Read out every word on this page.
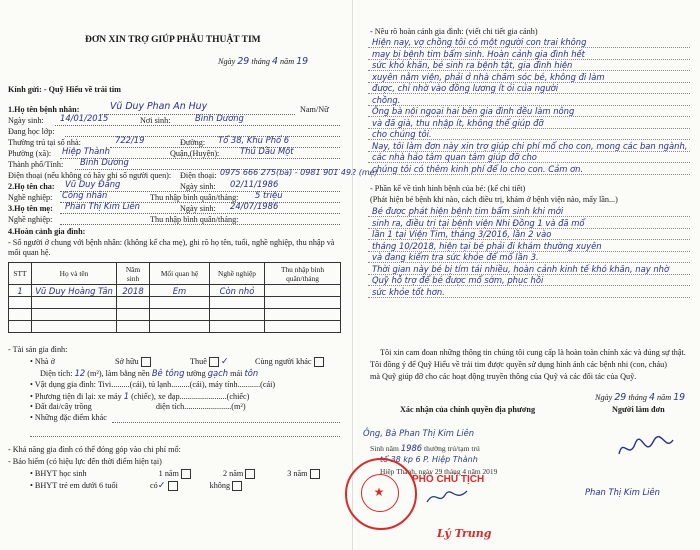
ĐƠN XIN TRỢ GIÚP PHẪU THUẬT TIM
Ngày 29 tháng 4 năm 19
Kính gửi: - Quỹ Hiểu về trái tim
1.Họ tên bệnh nhân:	Vũ Duy Phan An Huy	Nam/Nữ
Ngày sinh: 14/01/2015	Nơi sinh:	Bình Dương
Đang học lớp:
Thường trú tại số nhà:	722/19	Đường: Tổ 38, Khu Phố 6
Phường (xã): Hiệp Thành	Quận,(Huyện): Thủ Dầu Một
Thành phố/Tỉnh: Bình Dương
Điện thoại (nếu không có hãy ghi số người quen):
2.Họ tên cha: Vũ Duy Đăng
Điện thoại: 0975 666 275(ba) - 0981 901 492 (mẹ)
Ngày sinh: 02/11/1986
Nghề nghiệp: Công nhân	Thu nhập bình quân/tháng: 5 triệu
3.Họ tên mẹ: Phan Thị Kim Liên	Ngày sinh: 24/07/1986
Nghề nghiệp:	Thu nhập bình quân/tháng:
4.Hoàn cảnh gia đình:
- Số người ở chung với bệnh nhân: (không kể cha mẹ), ghi rõ họ tên, tuổi, nghề nghiệp, thu nhập và mối quan hệ.
STT	Họ và tên	Năm sinh	Mối quan hệ	Nghề nghiệp	Thu nhập bình quân/tháng
1	Vũ Duy Hoàng Tân	2018	Em	Còn nhỏ	

- Tài sản gia đình:
• Nhà ở	Sở hữu	Thuê ✓	Cùng người khác
Diện tích: 12 (m²), làm bằng nền Bê tông tường gạch mái tôn
• Vật dụng gia đình: Tivi.........(cái), tủ lạnh.........(cái), máy tính...........(cái)
• Phương tiện đi lại: xe máy 1 (chiếc), xe đạp.......................(chiếc)
• Đất đai/cây trồng	diện tích.......................(m²)
• Những đặc điểm khác
- Khả năng gia đình có thể đóng góp vào chi phí mổ:
- Bảo hiểm (có hiệu lực đến thời điểm hiện tại)
• BHYT học sinh	1 năm	2 năm	3 năm
• BHYT trẻ em dưới 6 tuổi	có✓	không
- Nêu rõ hoàn cảnh gia đình: (viết chi tiết gia cảnh)
Hiện nay, vợ chồng tôi có một người con trai không
may bị bệnh tim bẩm sinh. Hoàn cảnh gia đình hết
sức khó khăn, bé sinh ra bệnh tật, gia đình hiện
xuyên nằm viện, phải ở nhà chăm sóc bé, không đi làm
được, chỉ nhờ vào đồng lương ít ỏi của người
chồng.
Ông bà nội ngoại hai bên gia đình đều làm nông
và đã già, thu nhập ít, không thể giúp đỡ
cho chúng tôi.
Nay, tôi làm đơn này xin trợ giúp chi phí mổ cho con, mong các ban ngành,
các nhà hảo tâm quan tâm giúp đỡ cho
chúng tôi có thêm kinh phí để lo cho con. Cảm ơn.
- Phần kể về tình hình bệnh của bé: (kể chi tiết)
(Phát hiện bé bệnh khi nào, cách điều trị, khám ở bệnh viện nào, mấy lần...)
Bé được phát hiện bệnh tim bẩm sinh khi mới
sinh ra, điều trị tại bệnh viện Nhi Đồng 1 và đã mổ
lần 1 tại Viện Tim, tháng 3/2016, lần 2 vào
tháng 10/2018, hiện tại bé phải đi khám thường xuyên
và đang kiểm tra sức khỏe để mổ lần 3.
Thời gian này bé bị tím tái nhiều, hoàn cảnh kinh tế khó khăn, nay nhờ
Quỹ hỗ trợ để bé được mổ sớm, phục hồi
sức khỏe tốt hơn.
Tôi xin cam đoan những thông tin chúng tôi cung cấp là hoàn toàn chính xác và đúng sự thật.
Tôi đồng ý để Quỹ Hiểu về trái tim được quyền sử dụng hình ảnh các bệnh nhi (con, cháu)
mà Quỹ giúp đỡ cho các hoạt động truyền thông của Quỹ và các đối tác của Quỹ.
Ngày 29 tháng 4 năm 19
Xác nhận của chính quyền địa phương	Người làm đơn
Ông, Bà Phan Thị Kim Liên
Sinh năm 1986 thường trú/tạm trú
tổ 38 kp 6 P. Hiệp Thành
Hiệp Thành, ngày 29 tháng 4 năm 2019
★
PHÓ CHỦ TỊCH
Lý Trung
Phan Thị Kim Liên
